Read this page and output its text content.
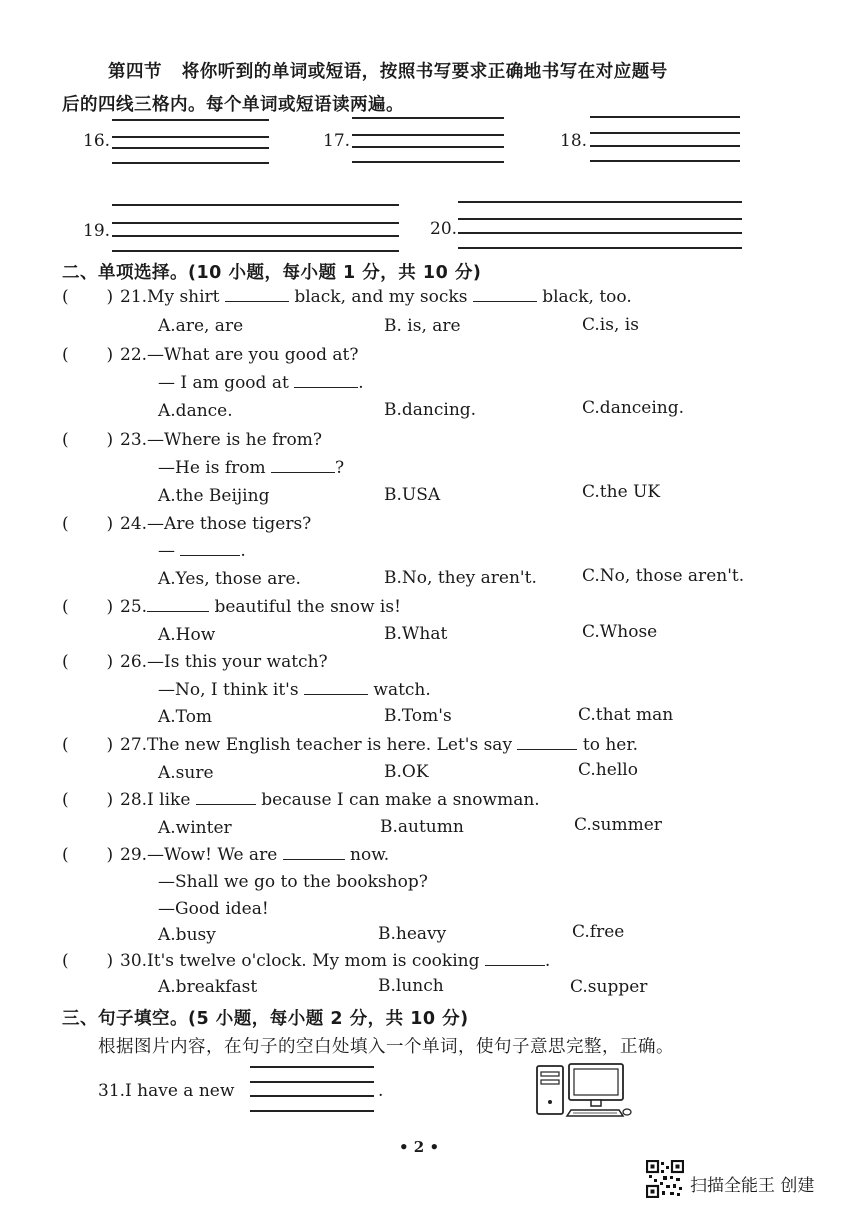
第四节 将你听到的单词或短语，按照书写要求正确地书写在对应题号
后的四线三格内。每个单词或短语读两遍。
16.	17.	18.
19.	20.
二、单项选择。(10 小题，每小题 1 分，共 10 分)
( ) 21.My shirt	black, and my socks	black, too.
A.are, are	B. is, are	C.is, is
( ) 22.—What are you good at?
— I am good at	.
A.dance.	B.dancing.	C.danceing.
( ) 23.—Where is he from?
—He is from	?
A.the Beijing	B.USA	C.the UK
( ) 24.—Are those tigers?
—	.
A.Yes, those are.	B.No, they aren't.	C.No, those aren't.
( ) 25.	beautiful the snow is!
A.How	B.What	C.Whose
( ) 26.—Is this your watch?
—No, I think it's	watch.
A.Tom	B.Tom's	C.that man
( ) 27.The new English teacher is here. Let's say	to her.
A.sure	B.OK	C.hello
( ) 28.I like	because I can make a snowman.
A.winter	B.autumn	C.summer
( ) 29.—Wow! We are	now.
—Shall we go to the bookshop?
—Good idea!
A.busy	B.heavy	C.free
( ) 30.It's twelve o'clock. My mom is cooking	.
A.breakfast	B.lunch	C.supper
三、句子填空。(5 小题，每小题 2 分，共 10 分)
根据图片内容，在句子的空白处填入一个单词，使句子意思完整，正确。
31.I have a new	.
• 2 •
扫描全能王 创建
